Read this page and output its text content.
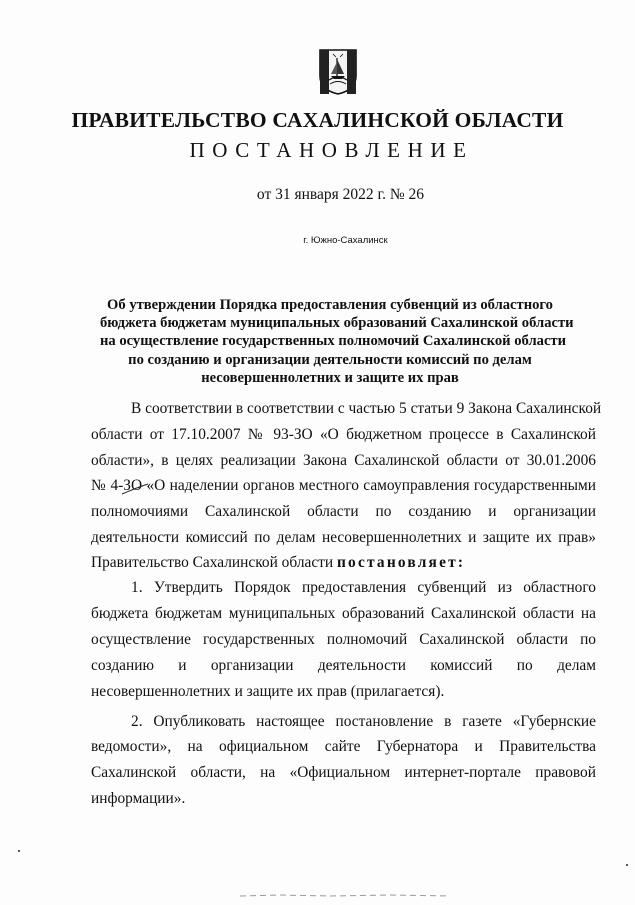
ПРАВИТЕЛЬСТВО САХАЛИНСКОЙ ОБЛАСТИ
ПОСТАНОВЛЕНИЕ
от 31 января 2022 г. № 26
г. Южно-Сахалинск
Об утверждении Порядка предоставления субвенций из областного
бюджета бюджетам муниципальных образований Сахалинской области
на осуществление государственных полномочий Сахалинской области
по созданию и организации деятельности комиссий по делам
несовершеннолетних и защите их прав
В соответствии в соответствии с частью 5 статьи 9 Закона Сахалинской
области от 17.10.2007 № 93-ЗО «О бюджетном процессе в Сахалинской
области», в целях реализации Закона Сахалинской области от 30.01.2006
№ 4-ЗО «О наделении органов местного самоуправления государственными
полномочиями Сахалинской области по созданию и организации
деятельности комиссий по делам несовершеннолетних и защите их прав»
Правительство Сахалинской области постановляет:
1. Утвердить Порядок предоставления субвенций из областного
бюджета бюджетам муниципальных образований Сахалинской области на
осуществление государственных полномочий Сахалинской области по
созданию и организации деятельности комиссий по делам
несовершеннолетних и защите их прав (прилагается).
2. Опубликовать настоящее постановление в газете «Губернские
ведомости», на официальном сайте Губернатора и Правительства
Сахалинской области, на «Официальном интернет-портале правовой
информации».
